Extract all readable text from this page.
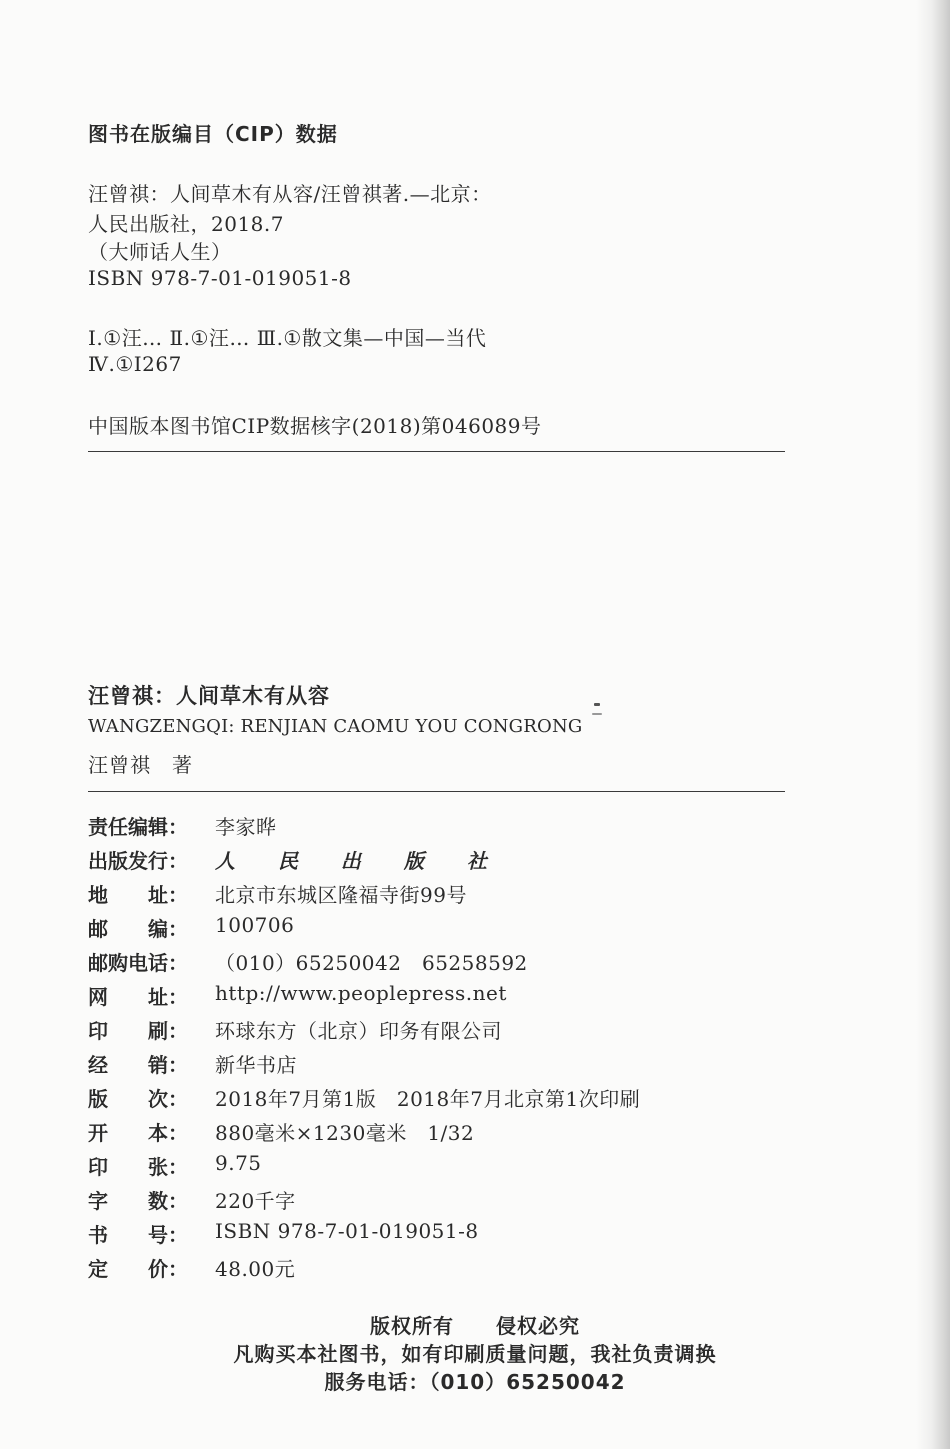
图书在版编目（CIP）数据
汪曾祺：人间草木有从容/汪曾祺著.—北京：
人民出版社，2018.7
（大师话人生）
ISBN 978-7-01-019051-8
Ⅰ.①汪… Ⅱ.①汪… Ⅲ.①散文集—中国—当代
Ⅳ.①I267
中国版本图书馆CIP数据核字(2018)第046089号
汪曾祺：人间草木有从容
WANGZENGQI: RENJIAN CAOMU YOU CONGRONG
汪曾祺　著
责任编辑： 李家晔
出版发行： 人 民 出 版 社
地　　址： 北京市东城区隆福寺街99号
邮　　编： 100706
邮购电话： （010）65250042　65258592
网　　址： http://www.peoplepress.net
印　　刷： 环球东方（北京）印务有限公司
经　　销： 新华书店
版　　次： 2018年7月第1版　2018年7月北京第1次印刷
开　　本： 880毫米×1230毫米　1/32
印　　张： 9.75
字　　数： 220千字
书　　号： ISBN 978-7-01-019051-8
定　　价： 48.00元
版权所有　　侵权必究
凡购买本社图书，如有印刷质量问题，我社负责调换
服务电话：（010）65250042
